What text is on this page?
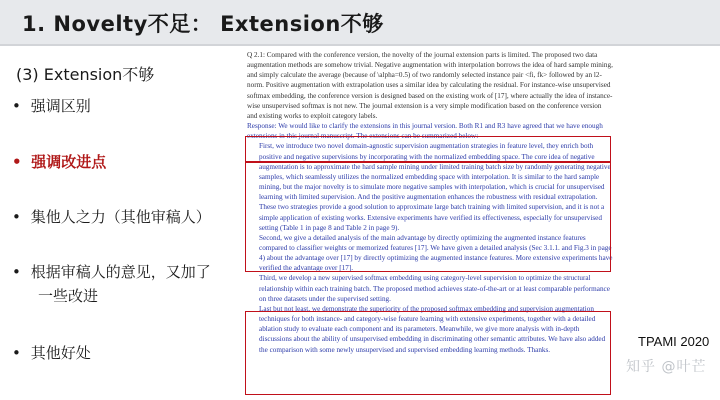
1. Novelty不足： Extension不够
(3) Extension不够
• 强调区别
• 强调改进点
• 集他人之力（其他审稿人）
• 根据审稿人的意见，又加了
一些改进
• 其他好处

Q 2.1: Compared with the conference version, the novelty of the journal extension parts is limited. The proposed two data augmentation methods are somehow trivial. Negative augmentation with interpolation borrows the idea of hard sample mining, and simply calculate the average (because of \alpha=0.5) of two randomly selected instance pair <fi, fk> followed by an l2-norm. Positive augmentation with extrapolation uses a similar idea by calculating the residual. For instance-wise unsupervised softmax embedding, the conference version is designed based on the existing work of [17], where actually the idea of instance-wise unsupervised softmax is not new. The journal extension is a very simple modification based on the conference version and existing works to exploit category labels.

Response: We would like to clarify the extensions in this journal version. Both R1 and R3 have agreed that we have enough extensions in this journal manuscript. The extensions can be summarized below:

First, we introduce two novel domain-agnostic supervision augmentation strategies in feature level, they enrich both positive and negative supervisions by incorporating with the normalized embedding space. The core idea of negative augmentation is to approximate the hard sample mining under limited training batch size by randomly generating negative samples, which seamlessly utilizes the normalized embedding space with interpolation. It is similar to the hard sample mining, but the major novelty is to simulate more negative samples with interpolation, which is crucial for unsupervised learning with limited supervision. And the positive augmentation enhances the robustness with residual extrapolation. These two strategies provide a good solution to approximate large batch training with limited supervision, and it is not a simple application of existing works. Extensive experiments have verified its effectiveness, especially for unsupervised setting (Table 1 in page 8 and Table 2 in page 9).

Second, we give a detailed analysis of the main advantage by directly optimizing the augmented instance features compared to classifier weights or memorized features [17]. We have given a detailed analysis (Sec 3.1.1. and Fig.3 in page 4) about the advantage over [17] by directly optimizing the augmented instance features. More extensive experiments have verified the advantage over [17].

Third, we develop a new supervised softmax embedding using category-level supervision to optimize the structural relationship within each training batch. The proposed method achieves state-of-the-art or at least comparable performance on three datasets under the supervised setting.

Last but not least, we demonstrate the superiority of the proposed softmax embedding and supervision augmentation techniques for both instance- and category-wise feature learning with extensive experiments, together with a detailed ablation study to evaluate each component and its parameters. Meanwhile, we give more analysis with in-depth discussions about the ability of unsupervised embedding in discriminating other semantic attributes. We have also added the comparison with some newly unsupervised and supervised embedding learning methods. Thanks.

TPAMI 2020
知乎 @叶芒
